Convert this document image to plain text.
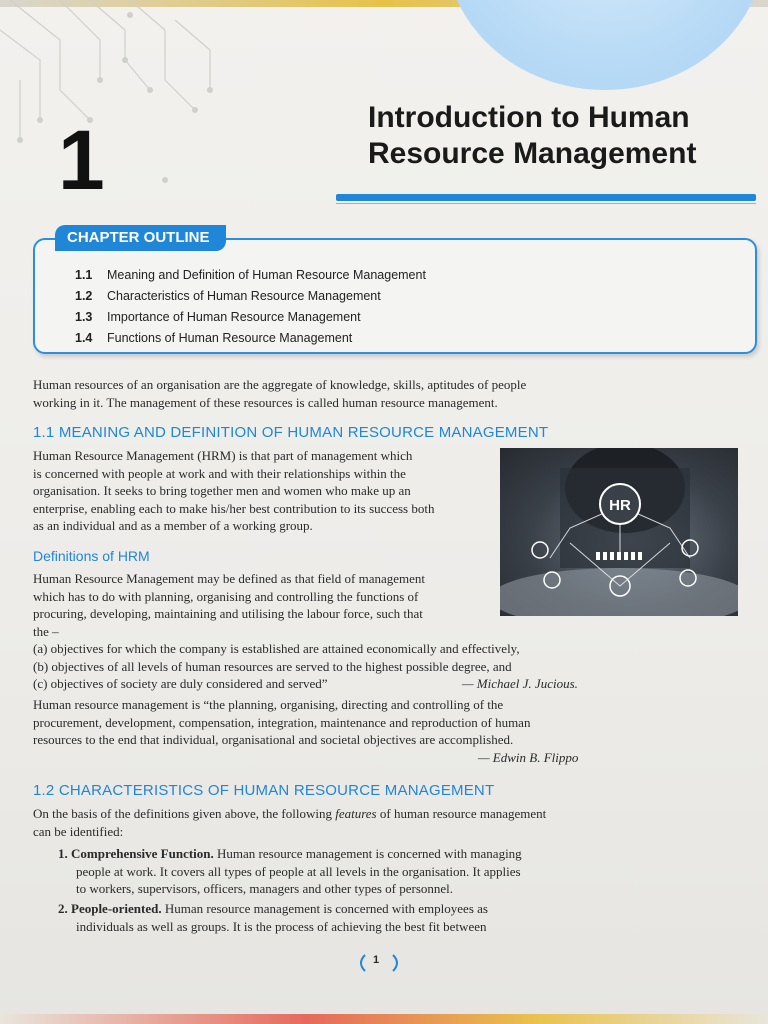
1	Introduction to Human
Resource Management
CHAPTER OUTLINE
1.1 Meaning and Definition of Human Resource Management
1.2 Characteristics of Human Resource Management
1.3 Importance of Human Resource Management
1.4 Functions of Human Resource Management
Human resources of an organisation are the aggregate of knowledge, skills, aptitudes of people
working in it. The management of these resources is called human resource management.
1.1 MEANING AND DEFINITION OF HUMAN RESOURCE MANAGEMENT
Human Resource Management (HRM) is that part of management which
is concerned with people at work and with their relationships within the
organisation. It seeks to bring together men and women who make up an
enterprise, enabling each to make his/her best contribution to its success both
as an individual and as a member of a working group.
HR
Definitions of HRM
Human Resource Management may be defined as that field of management
which has to do with planning, organising and controlling the functions of
procuring, developing, maintaining and utilising the labour force, such that
the –
(a) objectives for which the company is established are attained economically and effectively,
(b) objectives of all levels of human resources are served to the highest possible degree, and
(c) objectives of society are duly considered and served”	— Michael J. Jucious.
Human resource management is “the planning, organising, directing and controlling of the
procurement, development, compensation, integration, maintenance and reproduction of human
resources to the end that individual, organisational and societal objectives are accomplished.
— Edwin B. Flippo
1.2 CHARACTERISTICS OF HUMAN RESOURCE MANAGEMENT
On the basis of the definitions given above, the following features of human resource management
can be identified:
1. Comprehensive Function. Human resource management is concerned with managing
people at work. It covers all types of people at all levels in the organisation. It applies
to workers, supervisors, officers, managers and other types of personnel.
2. People-oriented. Human resource management is concerned with employees as
individuals as well as groups. It is the process of achieving the best fit between
1
